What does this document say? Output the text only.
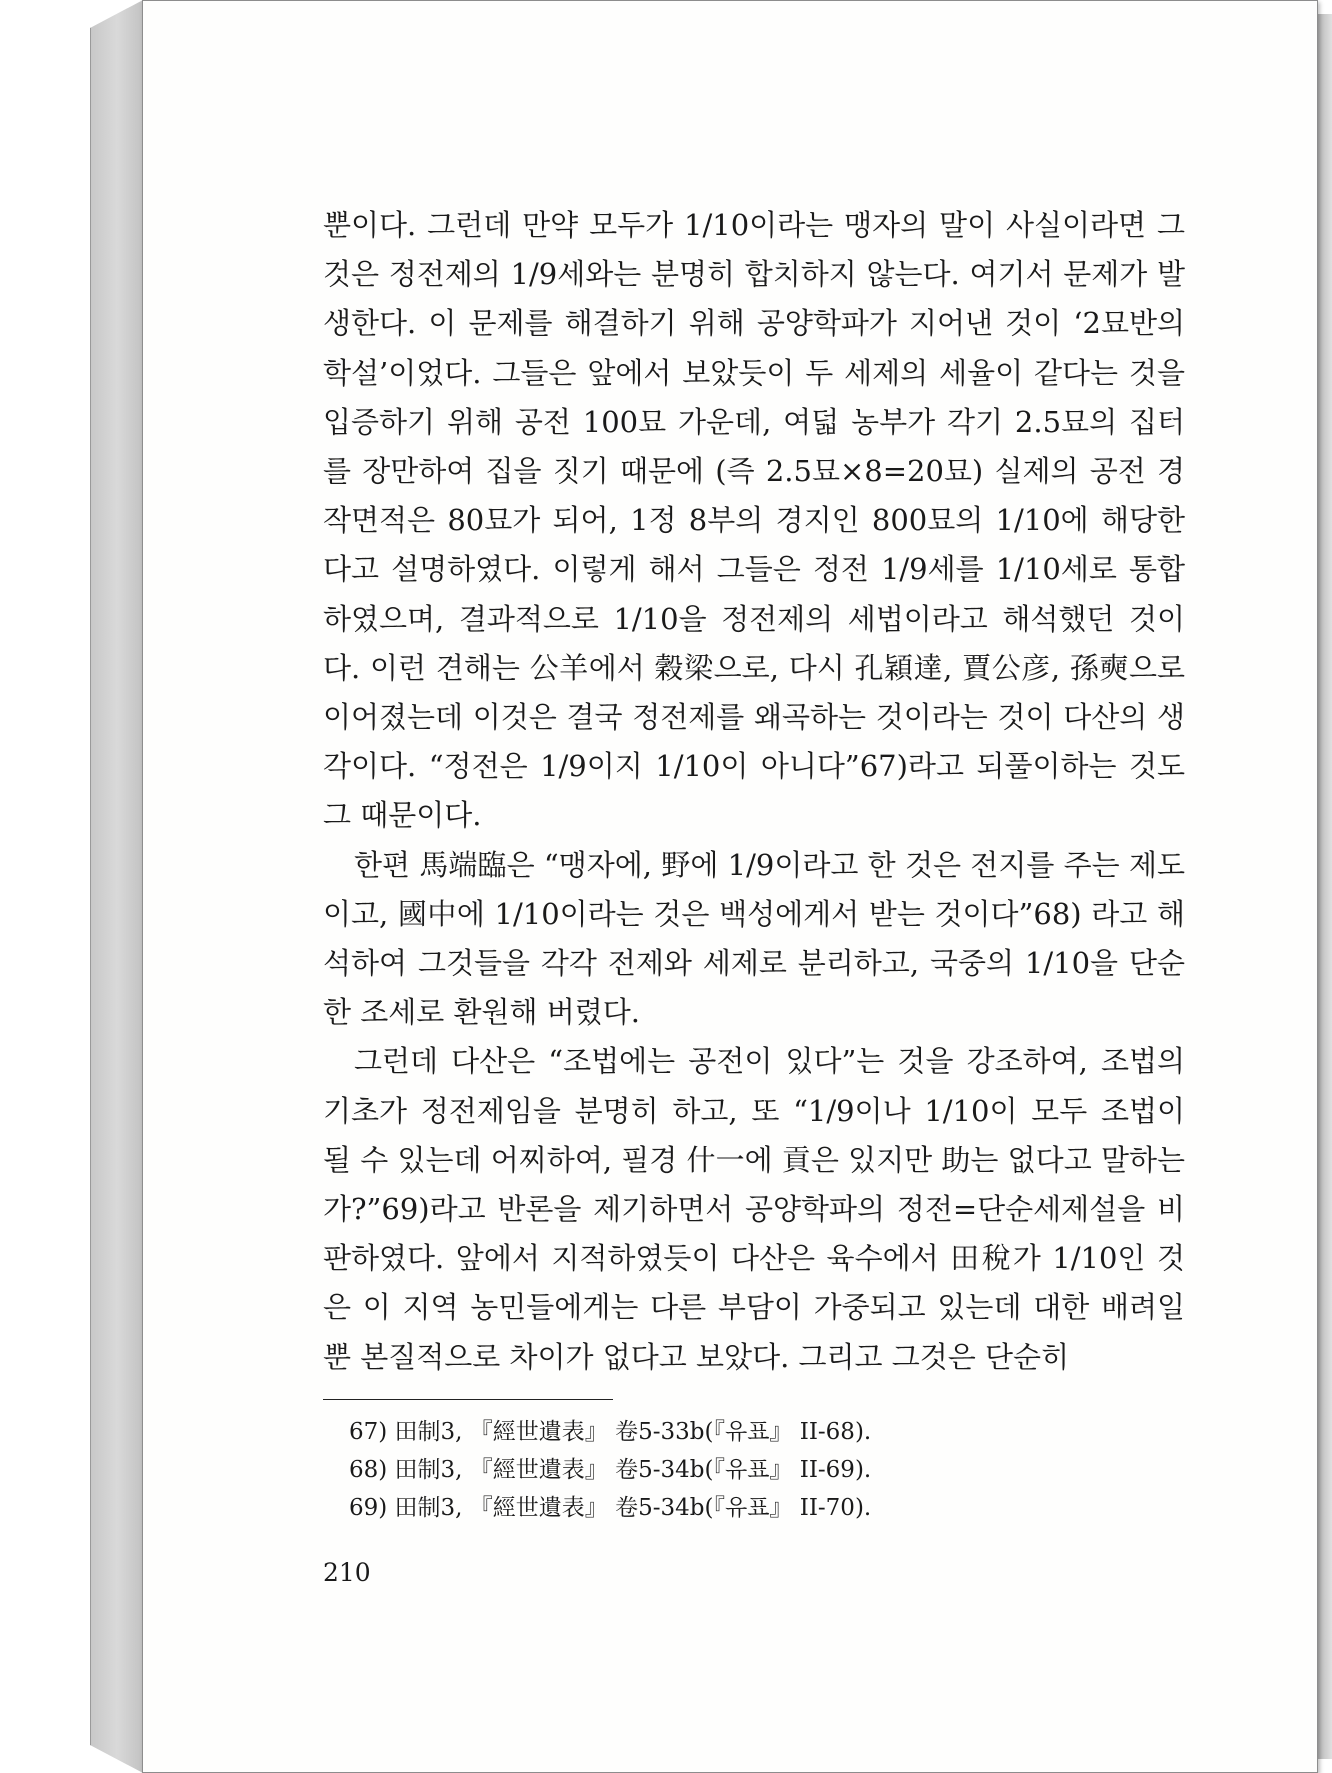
뿐이다. 그런데 만약 모두가 1/10이라는 맹자의 말이 사실이라면 그것은 정전제의 1/9세와는 분명히 합치하지 않는다. 여기서 문제가 발생한다. 이 문제를 해결하기 위해 공양학파가 지어낸 것이 ‘2묘반의 학설’이었다. 그들은 앞에서 보았듯이 두 세제의 세율이 같다는 것을 입증하기 위해 공전 100묘 가운데, 여덟 농부가 각기 2.5묘의 집터를 장만하여 집을 짓기 때문에 (즉 2.5묘×8=20묘) 실제의 공전 경작면적은 80묘가 되어, 1정 8부의 경지인 800묘의 1/10에 해당한다고 설명하였다. 이렇게 해서 그들은 정전 1/9세를 1/10세로 통합하였으며, 결과적으로 1/10을 정전제의 세법이라고 해석했던 것이다. 이런 견해는 公羊에서 穀梁으로, 다시 孔穎達, 賈公彦, 孫奭으로 이어졌는데 이것은 결국 정전제를 왜곡하는 것이라는 것이 다산의 생각이다. “정전은 1/9이지 1/10이 아니다”67)라고 되풀이하는 것도 그 때문이다.

한편 馬端臨은 “맹자에, 野에 1/9이라고 한 것은 전지를 주는 제도이고, 國中에 1/10이라는 것은 백성에게서 받는 것이다”68) 라고 해석하여 그것들을 각각 전제와 세제로 분리하고, 국중의 1/10을 단순한 조세로 환원해 버렸다.

그런데 다산은 “조법에는 공전이 있다”는 것을 강조하여, 조법의 기초가 정전제임을 분명히 하고, 또 “1/9이나 1/10이 모두 조법이 될 수 있는데 어찌하여, 필경 什一에 貢은 있지만 助는 없다고 말하는가?”69)라고 반론을 제기하면서 공양학파의 정전=단순세제설을 비판하였다. 앞에서 지적하였듯이 다산은 육수에서 田稅가 1/10인 것은 이 지역 농민들에게는 다른 부담이 가중되고 있는데 대한 배려일 뿐 본질적으로 차이가 없다고 보았다. 그리고 그것은 단순히

67) 田制3, 『經世遺表』 卷5-33b(『유표』 II-68).
68) 田制3, 『經世遺表』 卷5-34b(『유표』 II-69).
69) 田制3, 『經世遺表』 卷5-34b(『유표』 II-70).
210
